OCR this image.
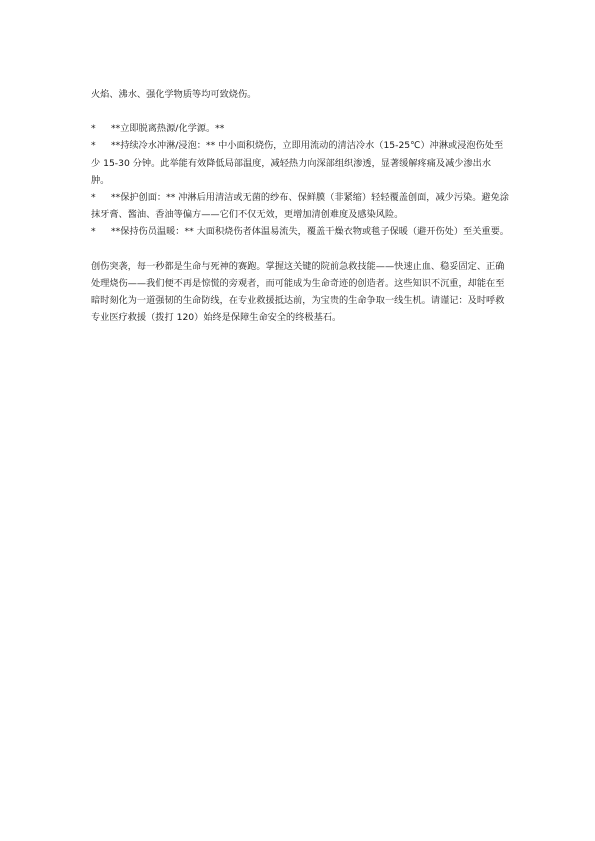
火焰、沸水、强化学物质等均可致烧伤。

* **立即脱离热源/化学源。**
* **持续冷水冲淋/浸泡：** 中小面积烧伤，立即用流动的清洁冷水（15-25℃）冲淋或浸泡伤处至少 15-30 分钟。此举能有效降低局部温度，减轻热力向深部组织渗透，显著缓解疼痛及减少渗出水肿。
* **保护创面：** 冲淋后用清洁或无菌的纱布、保鲜膜（非紧缩）轻轻覆盖创面，减少污染。避免涂抹牙膏、酱油、香油等偏方——它们不仅无效，更增加清创难度及感染风险。
* **保持伤员温暖：** 大面积烧伤者体温易流失，覆盖干燥衣物或毯子保暖（避开伤处）至关重要。

创伤突袭，每一秒都是生命与死神的赛跑。掌握这关键的院前急救技能——快速止血、稳妥固定、正确处理烧伤——我们便不再是惊慌的旁观者，而可能成为生命奇迹的创造者。这些知识不沉重，却能在至暗时刻化为一道强韧的生命防线，在专业救援抵达前，为宝贵的生命争取一线生机。请谨记：及时呼救专业医疗救援（拨打 120）始终是保障生命安全的终极基石。
